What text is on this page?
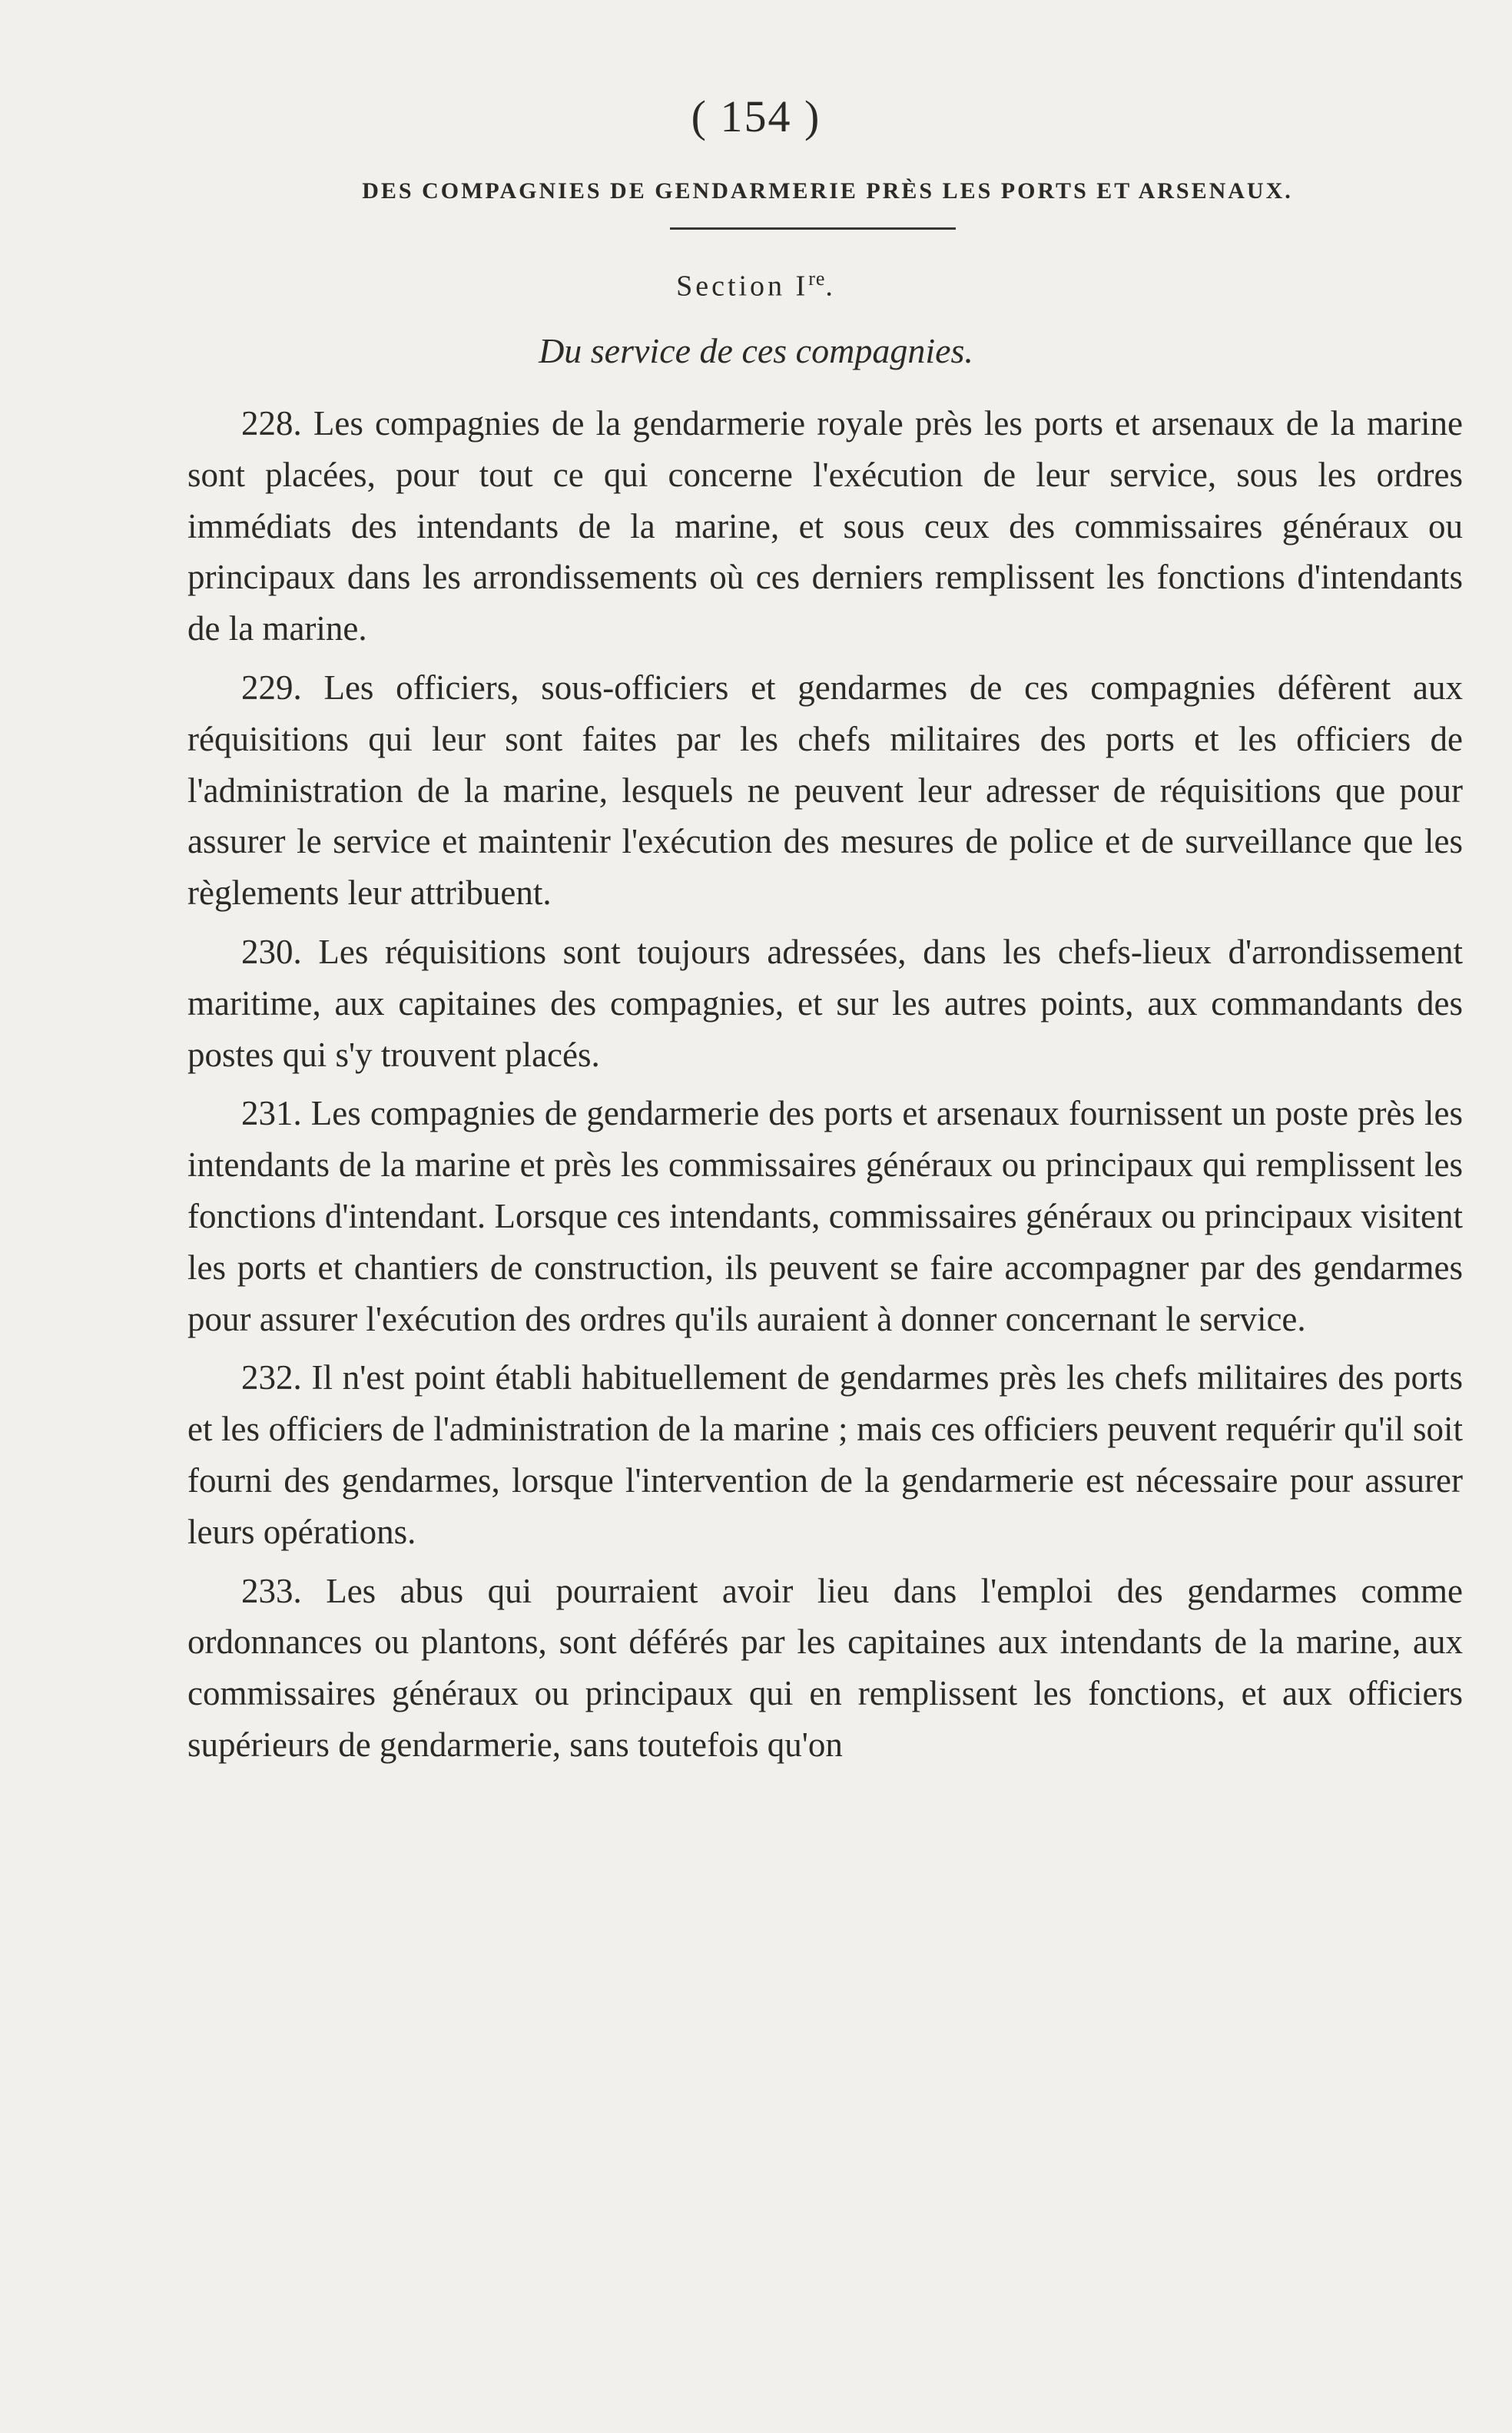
( 154 )
DES COMPAGNIES DE GENDARMERIE PRÈS LES PORTS ET ARSENAUX.
Section Ire.
Du service de ces compagnies.

228. Les compagnies de la gendarmerie royale près les ports et arsenaux de la marine sont placées, pour tout ce qui concerne l'exécution de leur service, sous les ordres immédiats des intendants de la marine, et sous ceux des commissaires généraux ou principaux dans les arrondissements où ces derniers remplissent les fonctions d'intendants de la marine.

229. Les officiers, sous-officiers et gendarmes de ces compagnies défèrent aux réquisitions qui leur sont faites par les chefs militaires des ports et les officiers de l'administration de la marine, lesquels ne peuvent leur adresser de réquisitions que pour assurer le service et maintenir l'exécution des mesures de police et de surveillance que les règlements leur attribuent.

230. Les réquisitions sont toujours adressées, dans les chefs-lieux d'arrondissement maritime, aux capitaines des compagnies, et sur les autres points, aux commandants des postes qui s'y trouvent placés.

231. Les compagnies de gendarmerie des ports et arsenaux fournissent un poste près les intendants de la marine et près les commissaires généraux ou principaux qui remplissent les fonctions d'intendant. Lorsque ces intendants, commissaires généraux ou principaux visitent les ports et chantiers de construction, ils peuvent se faire accompagner par des gendarmes pour assurer l'exécution des ordres qu'ils auraient à donner concernant le service.

232. Il n'est point établi habituellement de gendarmes près les chefs militaires des ports et les officiers de l'administration de la marine ; mais ces officiers peuvent requérir qu'il soit fourni des gendarmes, lorsque l'intervention de la gendarmerie est nécessaire pour assurer leurs opérations.

233. Les abus qui pourraient avoir lieu dans l'emploi des gendarmes comme ordonnances ou plantons, sont déférés par les capitaines aux intendants de la marine, aux commissaires généraux ou principaux qui en remplissent les fonctions, et aux officiers supérieurs de gendarmerie, sans toutefois qu'on
